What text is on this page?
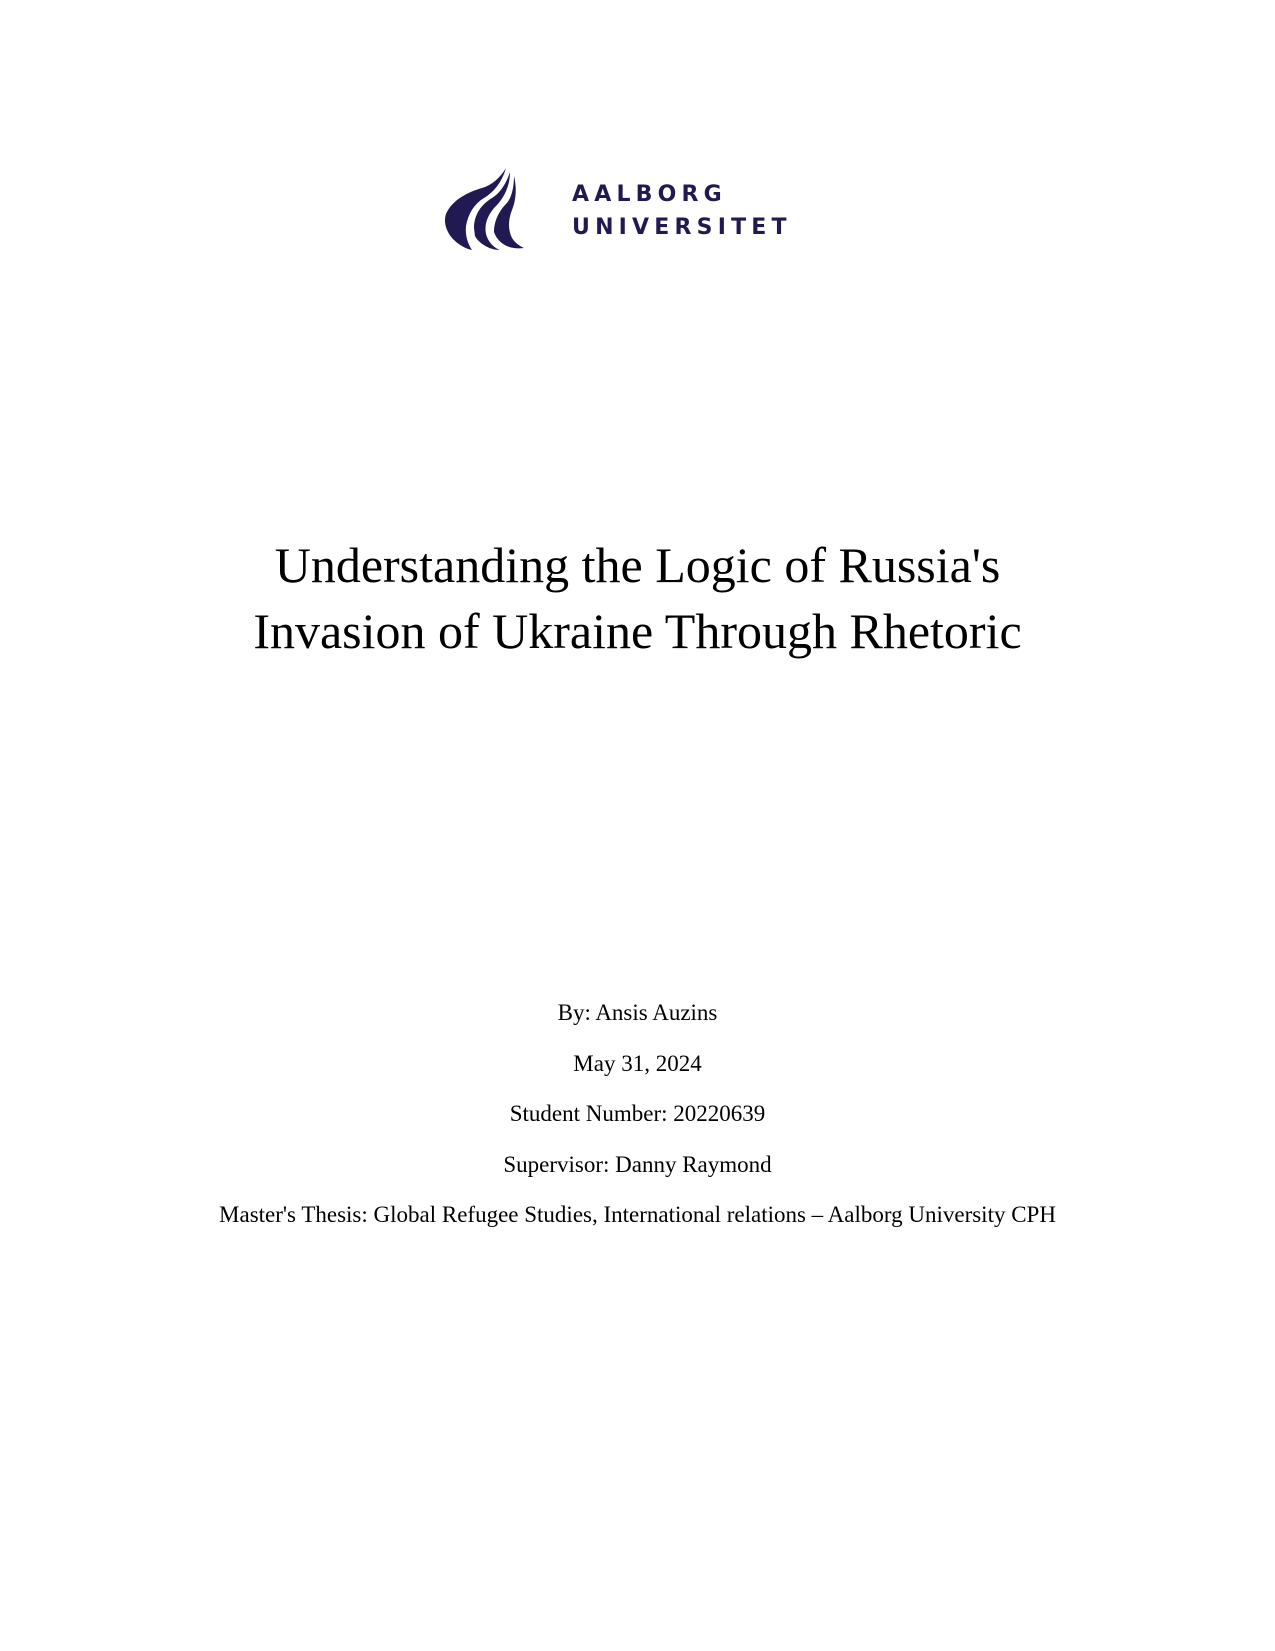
AALBORG
UNIVERSITET
Understanding the Logic of Russia's
Invasion of Ukraine Through Rhetoric

By: Ansis Auzins

May 31, 2024

Student Number: 20220639

Supervisor: Danny Raymond

Master's Thesis: Global Refugee Studies, International relations – Aalborg University CPH
